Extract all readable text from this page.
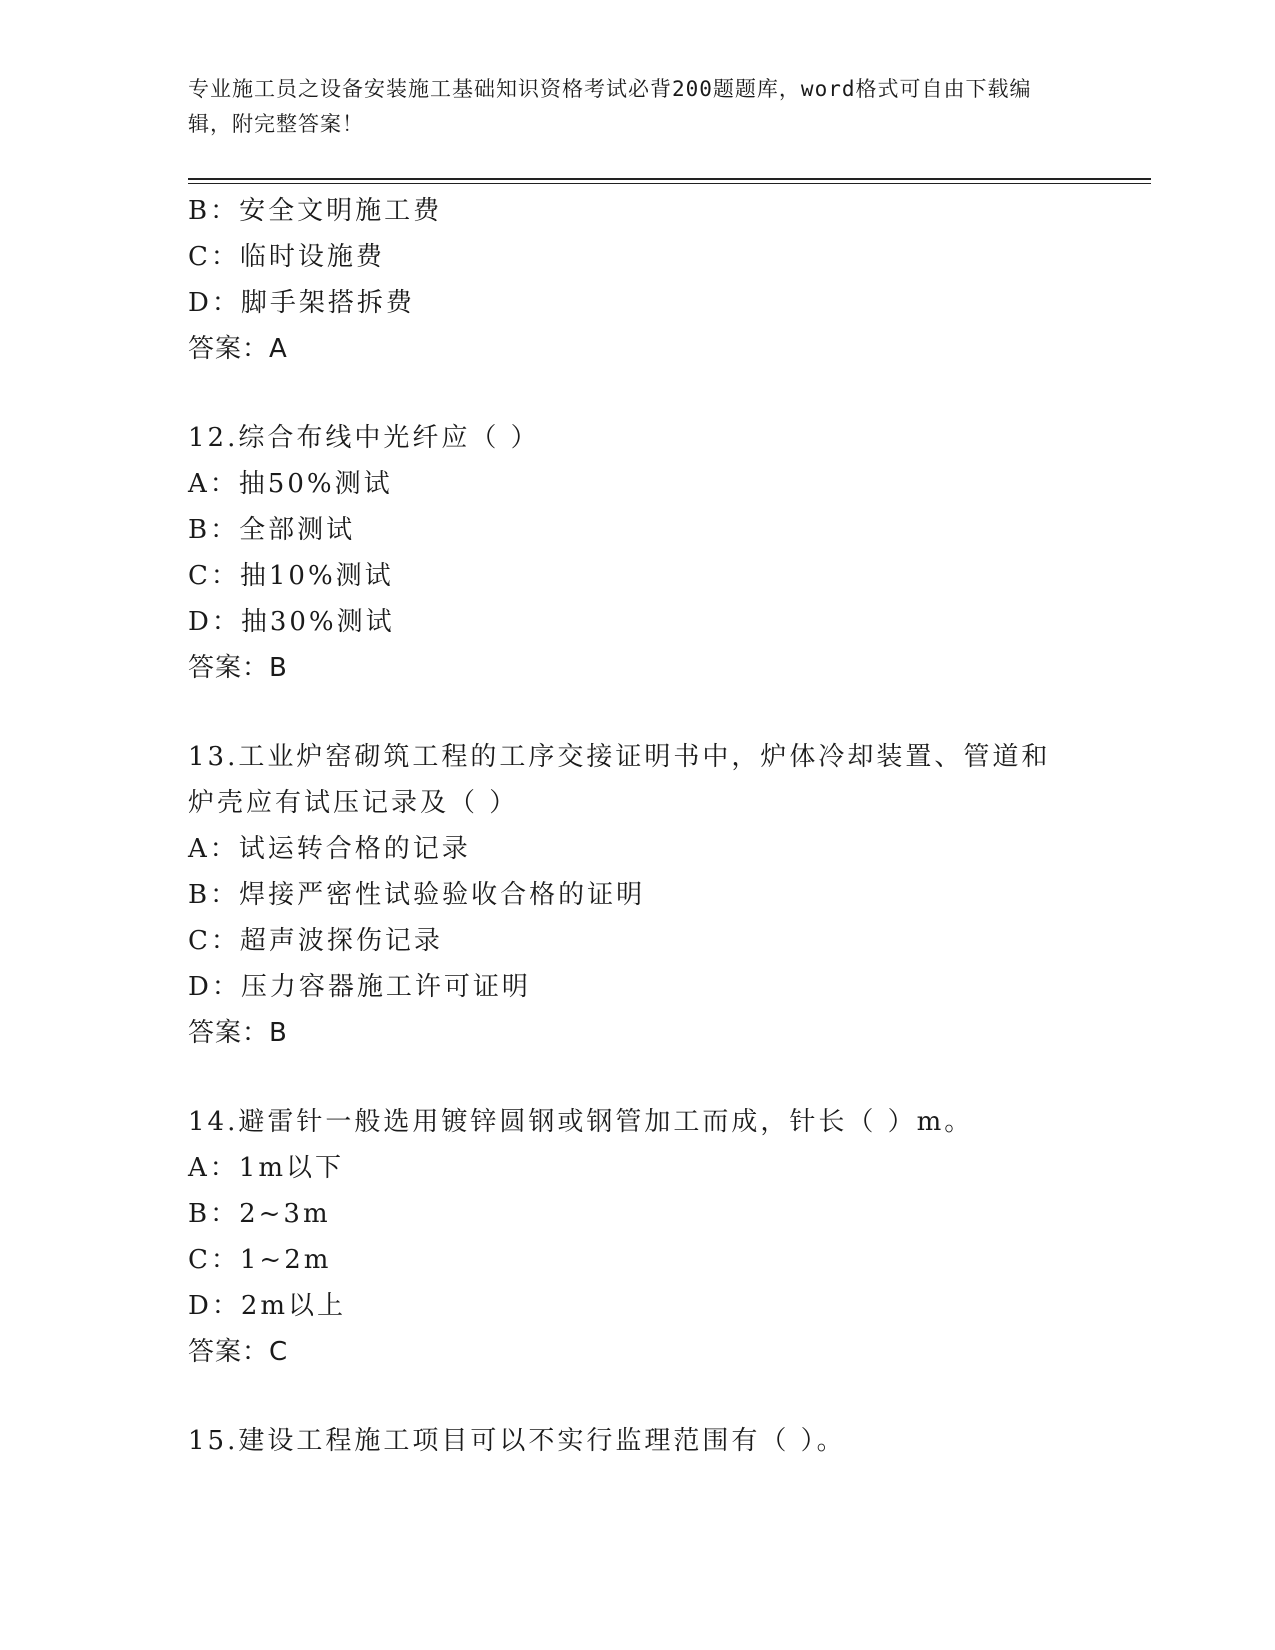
专业施工员之设备安装施工基础知识资格考试必背200题题库，word格式可自由下载编辑，附完整答案！
B：安全文明施工费
C：临时设施费
D：脚手架搭拆费
答案：A
12.综合布线中光纤应（ ）
A：抽50%测试
B：全部测试
C：抽10%测试
D：抽30%测试
答案：B
13.工业炉窑砌筑工程的工序交接证明书中，炉体冷却装置、管道和炉壳应有试压记录及（ ）
A：试运转合格的记录
B：焊接严密性试验验收合格的证明
C：超声波探伤记录
D：压力容器施工许可证明
答案：B
14.避雷针一般选用镀锌圆钢或钢管加工而成，针长（ ）m。
A：1m以下
B：2~3m
C：1~2m
D：2m以上
答案：C
15.建设工程施工项目可以不实行监理范围有（ ）。
